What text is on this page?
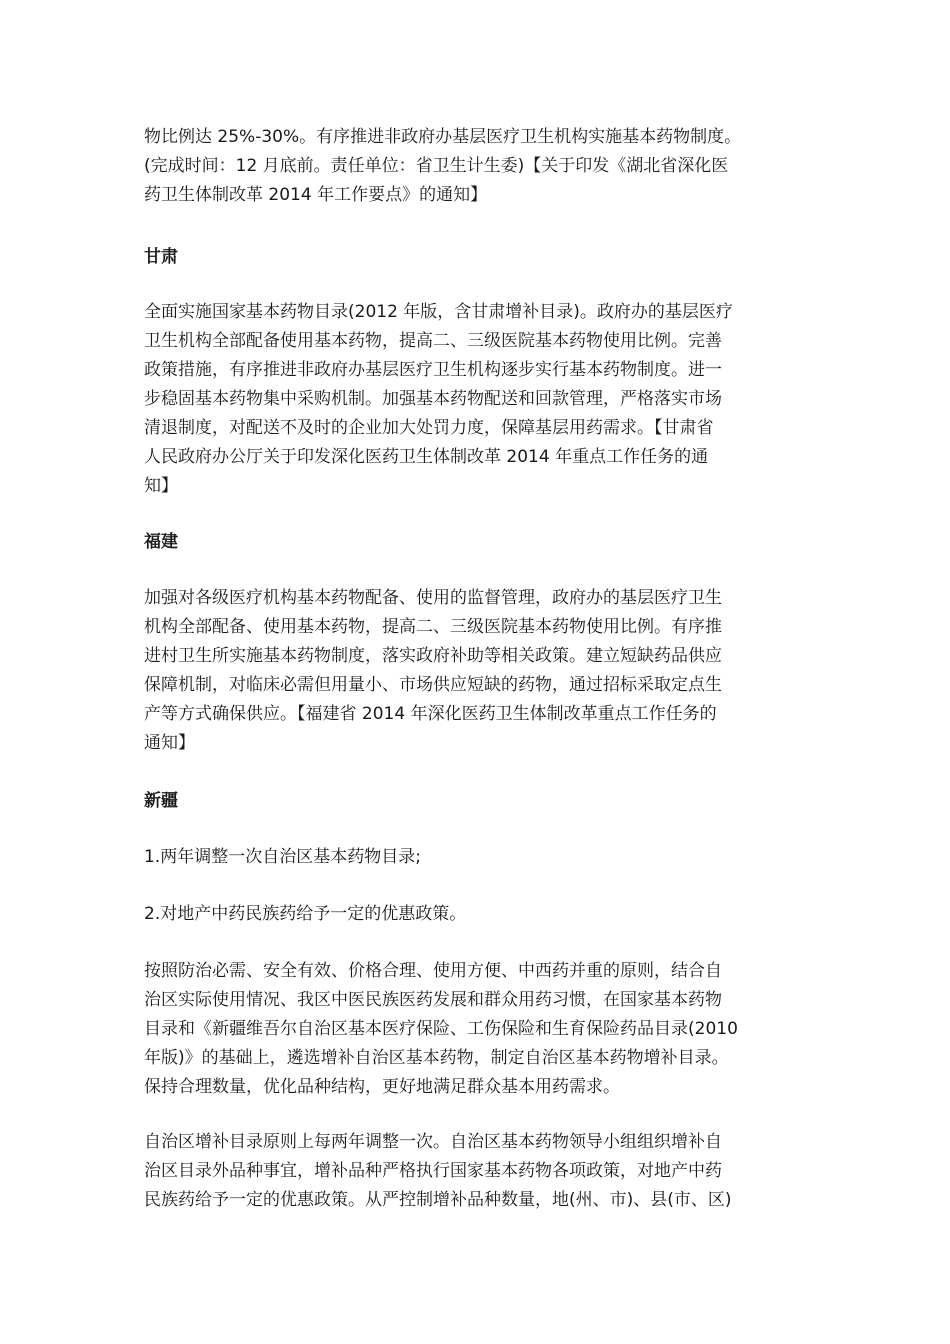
物比例达 25%-30%。有序推进非政府办基层医疗卫生机构实施基本药物制度。
(完成时间：12 月底前。责任单位：省卫生计生委)【关于印发《湖北省深化医
药卫生体制改革 2014 年工作要点》的通知】

甘肃

全面实施国家基本药物目录(2012 年版，含甘肃增补目录)。政府办的基层医疗
卫生机构全部配备使用基本药物，提高二、三级医院基本药物使用比例。完善
政策措施，有序推进非政府办基层医疗卫生机构逐步实行基本药物制度。进一
步稳固基本药物集中采购机制。加强基本药物配送和回款管理，严格落实市场
清退制度，对配送不及时的企业加大处罚力度，保障基层用药需求。【甘肃省
人民政府办公厅关于印发深化医药卫生体制改革 2014 年重点工作任务的通
知】

福建

加强对各级医疗机构基本药物配备、使用的监督管理，政府办的基层医疗卫生
机构全部配备、使用基本药物，提高二、三级医院基本药物使用比例。有序推
进村卫生所实施基本药物制度，落实政府补助等相关政策。建立短缺药品供应
保障机制，对临床必需但用量小、市场供应短缺的药物，通过招标采取定点生
产等方式确保供应。【福建省 2014 年深化医药卫生体制改革重点工作任务的
通知】

新疆

1.两年调整一次自治区基本药物目录;

2.对地产中药民族药给予一定的优惠政策。

按照防治必需、安全有效、价格合理、使用方便、中西药并重的原则，结合自
治区实际使用情况、我区中医民族医药发展和群众用药习惯，在国家基本药物
目录和《新疆维吾尔自治区基本医疗保险、工伤保险和生育保险药品目录(2010
年版)》的基础上，遴选增补自治区基本药物，制定自治区基本药物增补目录。
保持合理数量，优化品种结构，更好地满足群众基本用药需求。

自治区增补目录原则上每两年调整一次。自治区基本药物领导小组组织增补自
治区目录外品种事宜，增补品种严格执行国家基本药物各项政策，对地产中药
民族药给予一定的优惠政策。从严控制增补品种数量，地(州、市)、县(市、区)
